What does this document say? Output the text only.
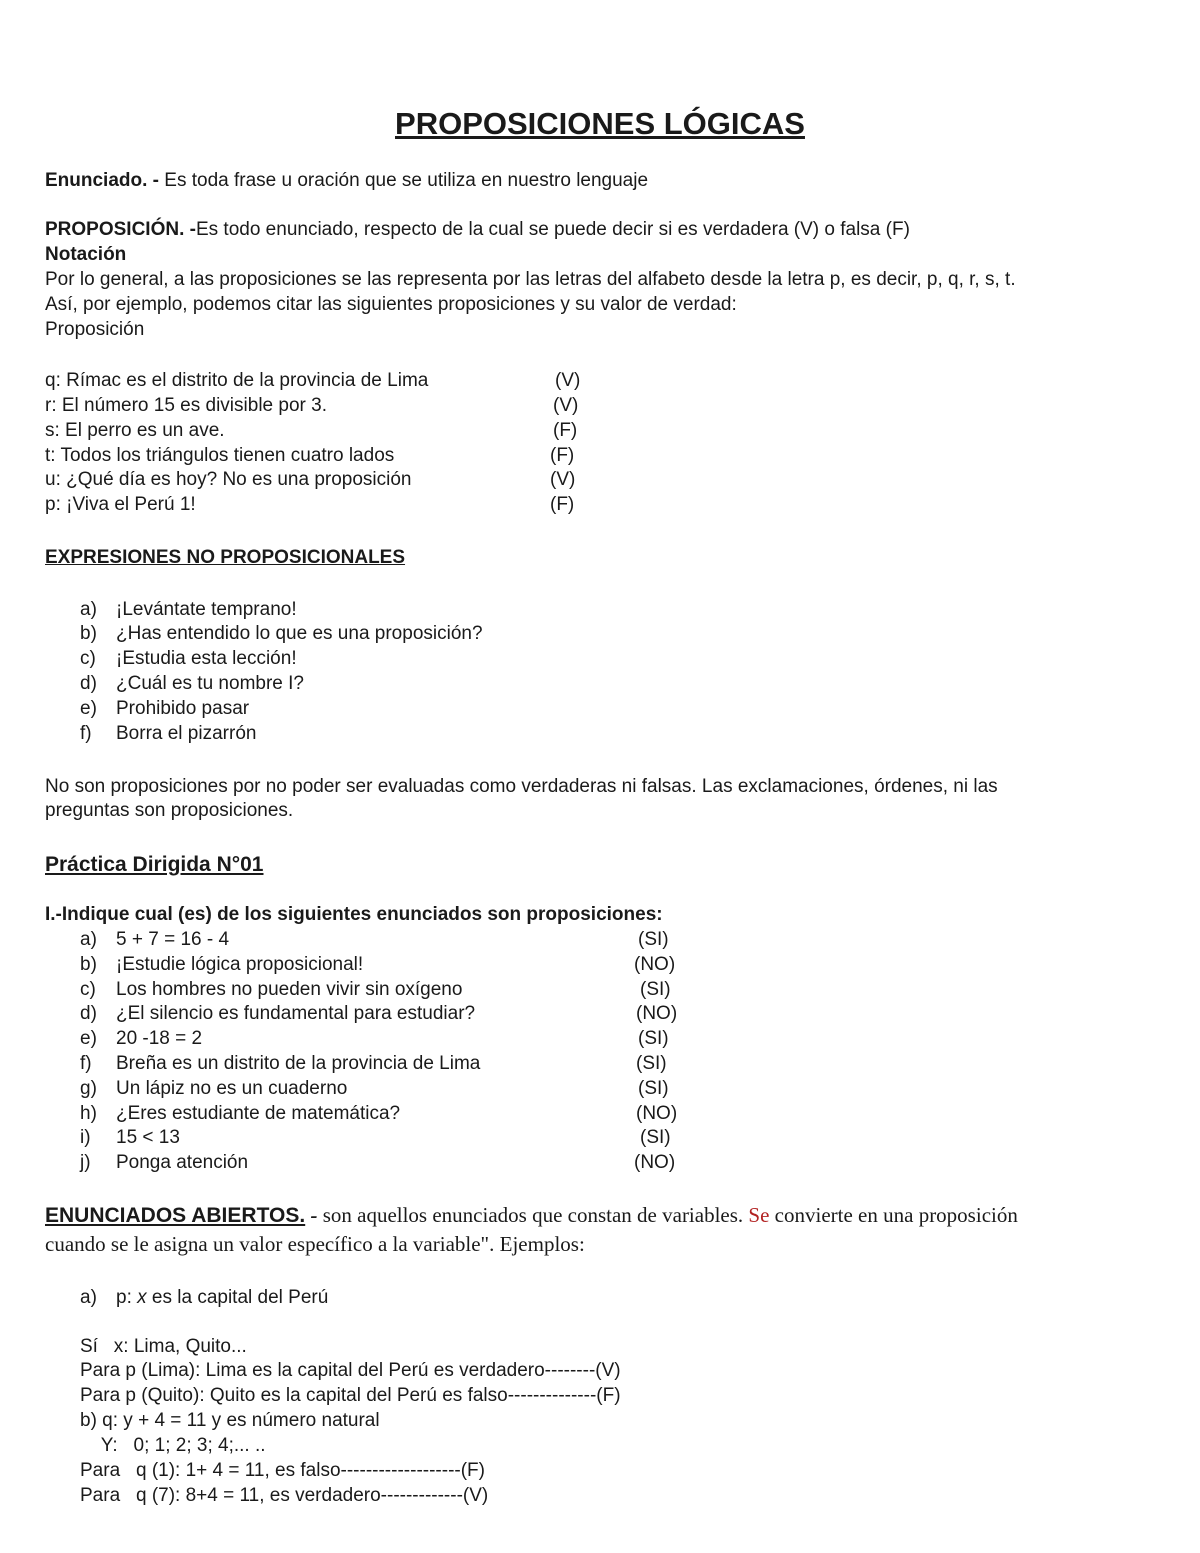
PROPOSICIONES LÓGICAS
Enunciado. - Es toda frase u oración que se utiliza en nuestro lenguaje
PROPOSICIÓN. -Es todo enunciado, respecto de la cual se puede decir si es verdadera (V) o falsa (F)
Notación
Por lo general, a las proposiciones se las representa por las letras del alfabeto desde la letra p, es decir, p, q, r, s, t.
Así, por ejemplo, podemos citar las siguientes proposiciones y su valor de verdad:
Proposición
q: Rímac es el distrito de la provincia de Lima	(V)
r: El número 15 es divisible por 3.	(V)
s: El perro es un ave.	(F)
t: Todos los triángulos tienen cuatro lados	(F)
u: ¿Qué día es hoy? No es una proposición	(V)
p: ¡Viva el Perú 1!	(F)
EXPRESIONES NO PROPOSICIONALES
a) ¡Levántate temprano!
b) ¿Has entendido lo que es una proposición?
c) ¡Estudia esta lección!
d) ¿Cuál es tu nombre I?
e) Prohibido pasar
f) Borra el pizarrón
No son proposiciones por no poder ser evaluadas como verdaderas ni falsas. Las exclamaciones, órdenes, ni las
preguntas son proposiciones.
Práctica Dirigida N°01
I.-Indique cual (es) de los siguientes enunciados son proposiciones:
a) 5 + 7 = 16 - 4	(SI)
b) ¡Estudie lógica proposicional!	(NO)
c) Los hombres no pueden vivir sin oxígeno	(SI)
d) ¿El silencio es fundamental para estudiar?	(NO)
e) 20 -18 = 2	(SI)
f) Breña es un distrito de la provincia de Lima	(SI)
g) Un lápiz no es un cuaderno	(SI)
h) ¿Eres estudiante de matemática?	(NO)
i) 15 < 13	(SI)
j) Ponga atención	(NO)
ENUNCIADOS ABIERTOS. - son aquellos enunciados que constan de variables. Se convierte en una proposición
cuando se le asigna un valor específico a la variable". Ejemplos:
a) p: x es la capital del Perú
Sí   x: Lima, Quito...
Para p (Lima): Lima es la capital del Perú es verdadero--------(V)
Para p (Quito): Quito es la capital del Perú es falso--------------(F)
b) q: y + 4 = 11 y es número natural
Y:   0; 1; 2; 3; 4;... ..
Para   q (1): 1+ 4 = 11, es falso-------------------(F)
Para   q (7): 8+4 = 11, es verdadero-------------(V)
